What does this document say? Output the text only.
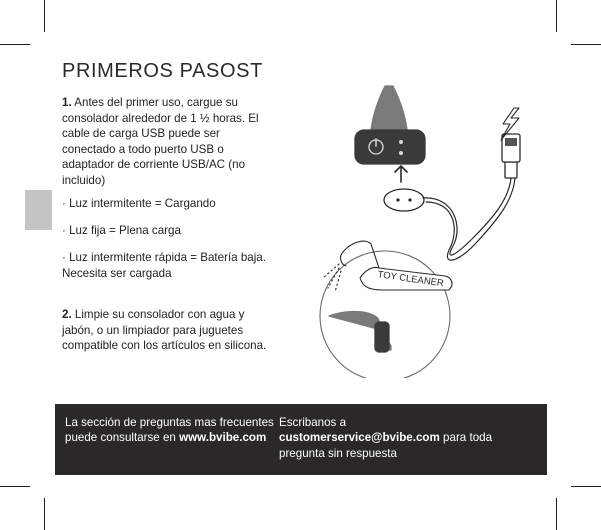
PRIMEROS PASOST

1. Antes del primer uso, cargue su consolador alrededor de 1 ½ horas. El cable de carga USB puede ser conectado a todo puerto USB o adaptador de corriente USB/AC (no incluido)

· Luz intermitente = Cargando

· Luz fija = Plena carga

· Luz intermitente rápida = Batería baja. Necesita ser cargada

2. Limpie su consolador con agua y jabón, o un limpiador para juguetes compatible con los artículos en silicona.

TOY CLEANER
La sección de preguntas mas frecuentes puede consultarse en www.bvibe.com
Escribanos a
customerservice@bvibe.com para toda pregunta sin respuesta
